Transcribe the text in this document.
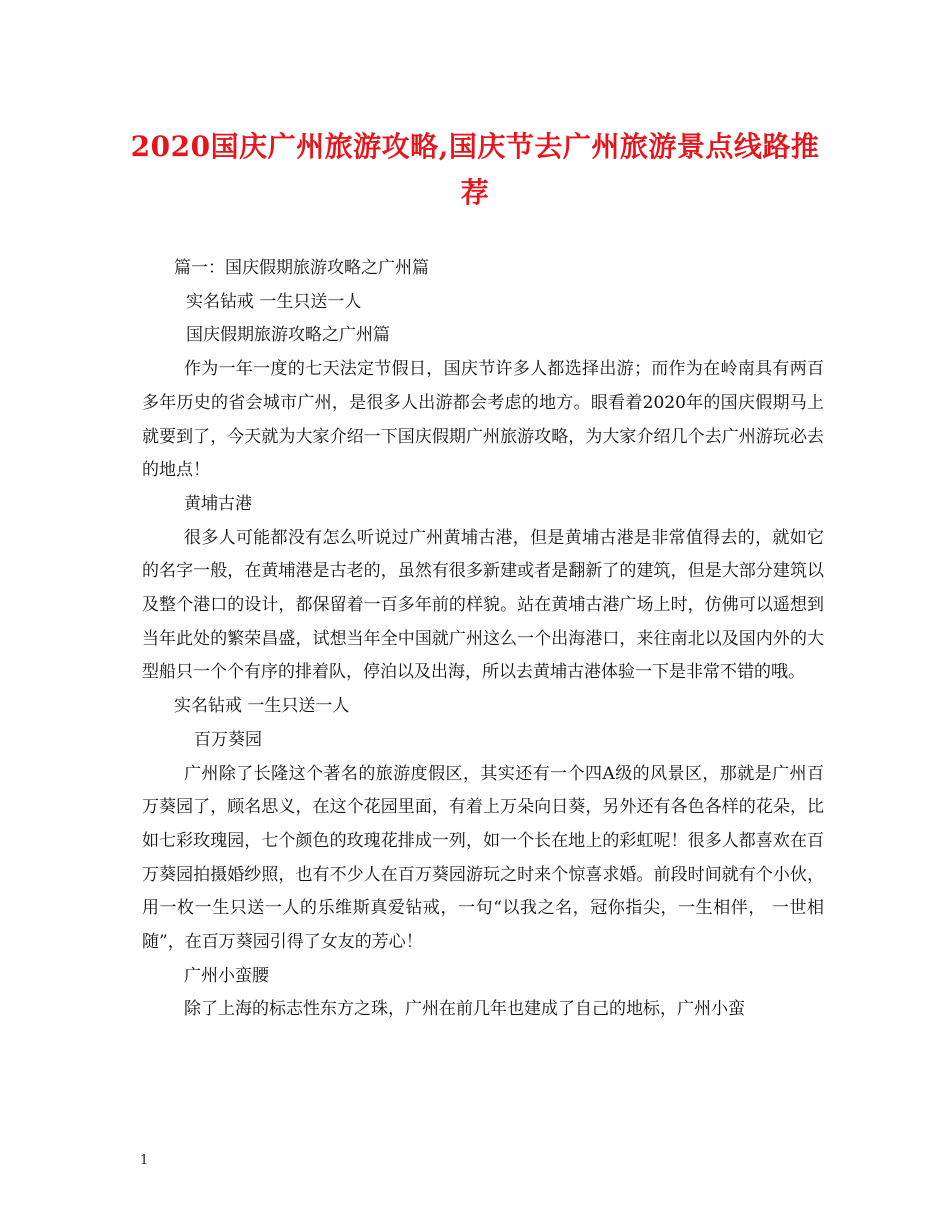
2020国庆广州旅游攻略,国庆节去广州旅游景点线路推荐

篇一：国庆假期旅游攻略之广州篇

实名钻戒 一生只送一人

国庆假期旅游攻略之广州篇

作为一年一度的七天法定节假日，国庆节许多人都选择出游；而作为在岭南具有两百多年历史的省会城市广州，是很多人出游都会考虑的地方。眼看着2020年的国庆假期马上就要到了，今天就为大家介绍一下国庆假期广州旅游攻略，为大家介绍几个去广州游玩必去的地点！

黄埔古港

很多人可能都没有怎么听说过广州黄埔古港，但是黄埔古港是非常值得去的，就如它的名字一般，在黄埔港是古老的，虽然有很多新建或者是翻新了的建筑，但是大部分建筑以及整个港口的设计，都保留着一百多年前的样貌。站在黄埔古港广场上时，仿佛可以遥想到当年此处的繁荣昌盛，试想当年全中国就广州这么一个出海港口，来往南北以及国内外的大型船只一个个有序的排着队，停泊以及出海，所以去黄埔古港体验一下是非常不错的哦。

实名钻戒 一生只送一人

百万葵园

广州除了长隆这个著名的旅游度假区，其实还有一个四A级的风景区，那就是广州百万葵园了，顾名思义，在这个花园里面，有着上万朵向日葵，另外还有各色各样的花朵，比如七彩玫瑰园，七个颜色的玫瑰花排成一列，如一个长在地上的彩虹呢！很多人都喜欢在百万葵园拍摄婚纱照，也有不少人在百万葵园游玩之时来个惊喜求婚。前段时间就有个小伙，用一枚一生只送一人的乐维斯真爱钻戒，一句“以我之名，冠你指尖，一生相伴， 一世相随”，在百万葵园引得了女友的芳心！

广州小蛮腰

除了上海的标志性东方之珠，广州在前几年也建成了自己的地标，广州小蛮

1
